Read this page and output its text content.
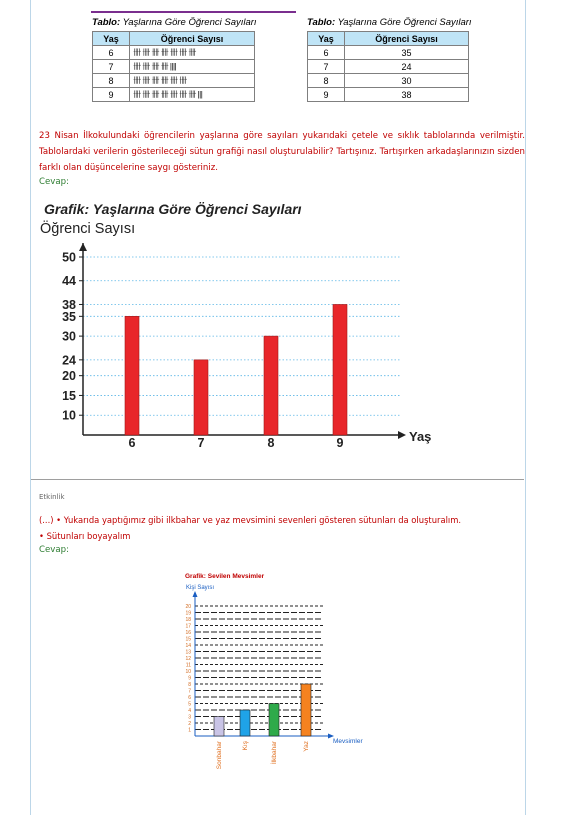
Tablo: Yaşlarına Göre Öğrenci Sayıları
Yaş	Öğrenci Sayısı
6	卌 卌 卌 卌 卌 卌 卌
7	卌 卌 卌 卌 ||||
8	卌 卌 卌 卌 卌 卌
9	卌 卌 卌 卌 卌 卌 卌 |||
Tablo: Yaşlarına Göre Öğrenci Sayıları
Yaş	Öğrenci Sayısı
6	35
7	24
8	30
9	38
23 Nisan İlkokulundaki öğrencilerin yaşlarına göre sayıları yukarıdaki çetele ve sıklık tablolarında verilmiştir. Tablolardaki verilerin gösterileceği sütun grafiği nasıl oluşturulabilir? Tartışınız. Tartışırken arkadaşlarınızın sizden farklı olan düşüncelerine saygı gösteriniz.
Cevap:
Grafik: Yaşlarına Göre Öğrenci Sayıları
Öğrenci Sayısı
Yaş
10
15
20
24
30
35
38
44
50
6	7	8	9
Etkinlik
(...) • Yukarıda yaptığımız gibi ilkbahar ve yaz mevsimini sevenleri gösteren sütunları da oluşturalım.
• Sütunları boyayalım
Cevap:
Grafik: Sevilen Mevsimler
Kişi Sayısı
Mevsimler
1
2
3
4
5
6
7
8
9
10
11
12
13
14
15
16
17
18
19
20
Sonbahar	Kış	İlkbahar	Yaz
